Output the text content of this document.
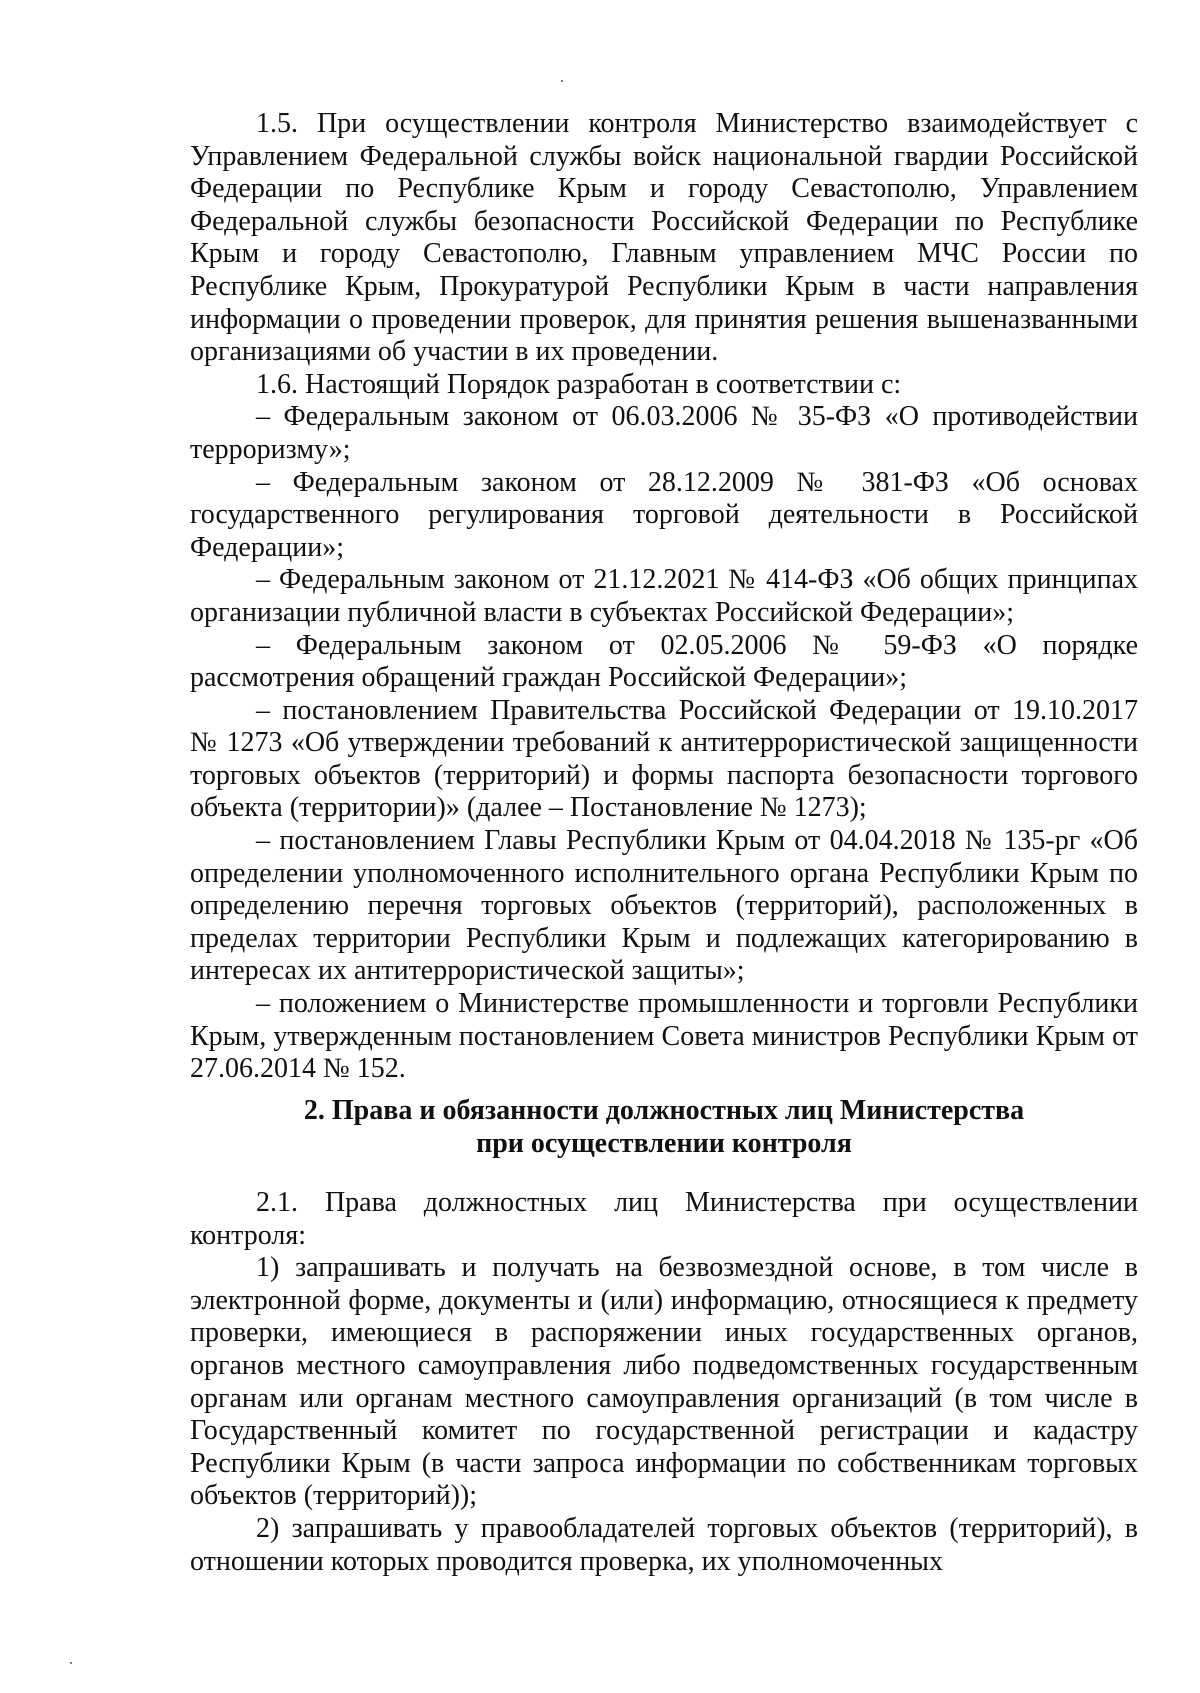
1.5. При осуществлении контроля Министерство взаимодействует с Управлением Федеральной службы войск национальной гвардии Российской Федерации по Республике Крым и городу Севастополю, Управлением Федеральной службы безопасности Российской Федерации по Республике Крым и городу Севастополю, Главным управлением МЧС России по Республике Крым, Прокуратурой Республики Крым в части направления информации о проведении проверок, для принятия решения вышеназванными организациями об участии в их проведении.

1.6. Настоящий Порядок разработан в соответствии с:

– Федеральным законом от 06.03.2006 № 35-ФЗ «О противодействии терроризму»;

– Федеральным законом от 28.12.2009 № 381-ФЗ «Об основах государственного регулирования торговой деятельности в Российской Федерации»;

– Федеральным законом от 21.12.2021 № 414-ФЗ «Об общих принципах организации публичной власти в субъектах Российской Федерации»;

– Федеральным законом от 02.05.2006 № 59-ФЗ «О порядке рассмотрения обращений граждан Российской Федерации»;

– постановлением Правительства Российской Федерации от 19.10.2017 № 1273 «Об утверждении требований к антитеррористической защищенности торговых объектов (территорий) и формы паспорта безопасности торгового объекта (территории)» (далее – Постановление № 1273);

– постановлением Главы Республики Крым от 04.04.2018 № 135-рг «Об определении уполномоченного исполнительного органа Республики Крым по определению перечня торговых объектов (территорий), расположенных в пределах территории Республики Крым и подлежащих категорированию в интересах их антитеррористической защиты»;

– положением о Министерстве промышленности и торговли Республики Крым, утвержденным постановлением Совета министров Республики Крым от 27.06.2014 № 152.

2. Права и обязанности должностных лиц Министерства
при осуществлении контроля

2.1. Права должностных лиц Министерства при осуществлении контроля:

1) запрашивать и получать на безвозмездной основе, в том числе в электронной форме, документы и (или) информацию, относящиеся к предмету проверки, имеющиеся в распоряжении иных государственных органов, органов местного самоуправления либо подведомственных государственным органам или органам местного самоуправления организаций (в том числе в Государственный комитет по государственной регистрации и кадастру Республики Крым (в части запроса информации по собственникам торговых объектов (территорий));

2) запрашивать у правообладателей торговых объектов (территорий), в отношении которых проводится проверка, их уполномоченных
